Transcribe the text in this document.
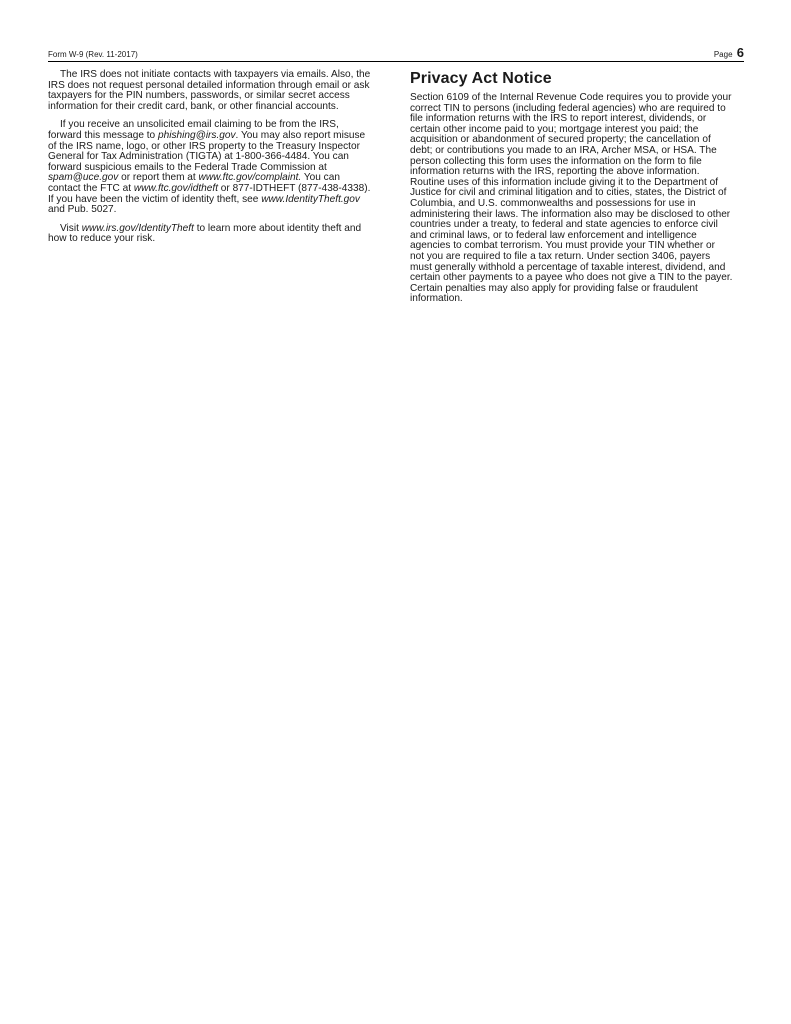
Form W-9 (Rev. 11-2017)	Page 6

The IRS does not initiate contacts with taxpayers via emails. Also, the
IRS does not request personal detailed information through email or ask
taxpayers for the PIN numbers, passwords, or similar secret access
information for their credit card, bank, or other financial accounts.

If you receive an unsolicited email claiming to be from the IRS,
forward this message to phishing@irs.gov. You may also report misuse
of the IRS name, logo, or other IRS property to the Treasury Inspector
General for Tax Administration (TIGTA) at 1-800-366-4484. You can
forward suspicious emails to the Federal Trade Commission at
spam@uce.gov or report them at www.ftc.gov/complaint. You can
contact the FTC at www.ftc.gov/idtheft or 877-IDTHEFT (877-438-4338).
If you have been the victim of identity theft, see www.IdentityTheft.gov
and Pub. 5027.

Visit www.irs.gov/IdentityTheft to learn more about identity theft and
how to reduce your risk.

Privacy Act Notice
Section 6109 of the Internal Revenue Code requires you to provide your
correct TIN to persons (including federal agencies) who are required to
file information returns with the IRS to report interest, dividends, or
certain other income paid to you; mortgage interest you paid; the
acquisition or abandonment of secured property; the cancellation of
debt; or contributions you made to an IRA, Archer MSA, or HSA. The
person collecting this form uses the information on the form to file
information returns with the IRS, reporting the above information.
Routine uses of this information include giving it to the Department of
Justice for civil and criminal litigation and to cities, states, the District of
Columbia, and U.S. commonwealths and possessions for use in
administering their laws. The information also may be disclosed to other
countries under a treaty, to federal and state agencies to enforce civil
and criminal laws, or to federal law enforcement and intelligence
agencies to combat terrorism. You must provide your TIN whether or
not you are required to file a tax return. Under section 3406, payers
must generally withhold a percentage of taxable interest, dividend, and
certain other payments to a payee who does not give a TIN to the payer.
Certain penalties may also apply for providing false or fraudulent
information.
